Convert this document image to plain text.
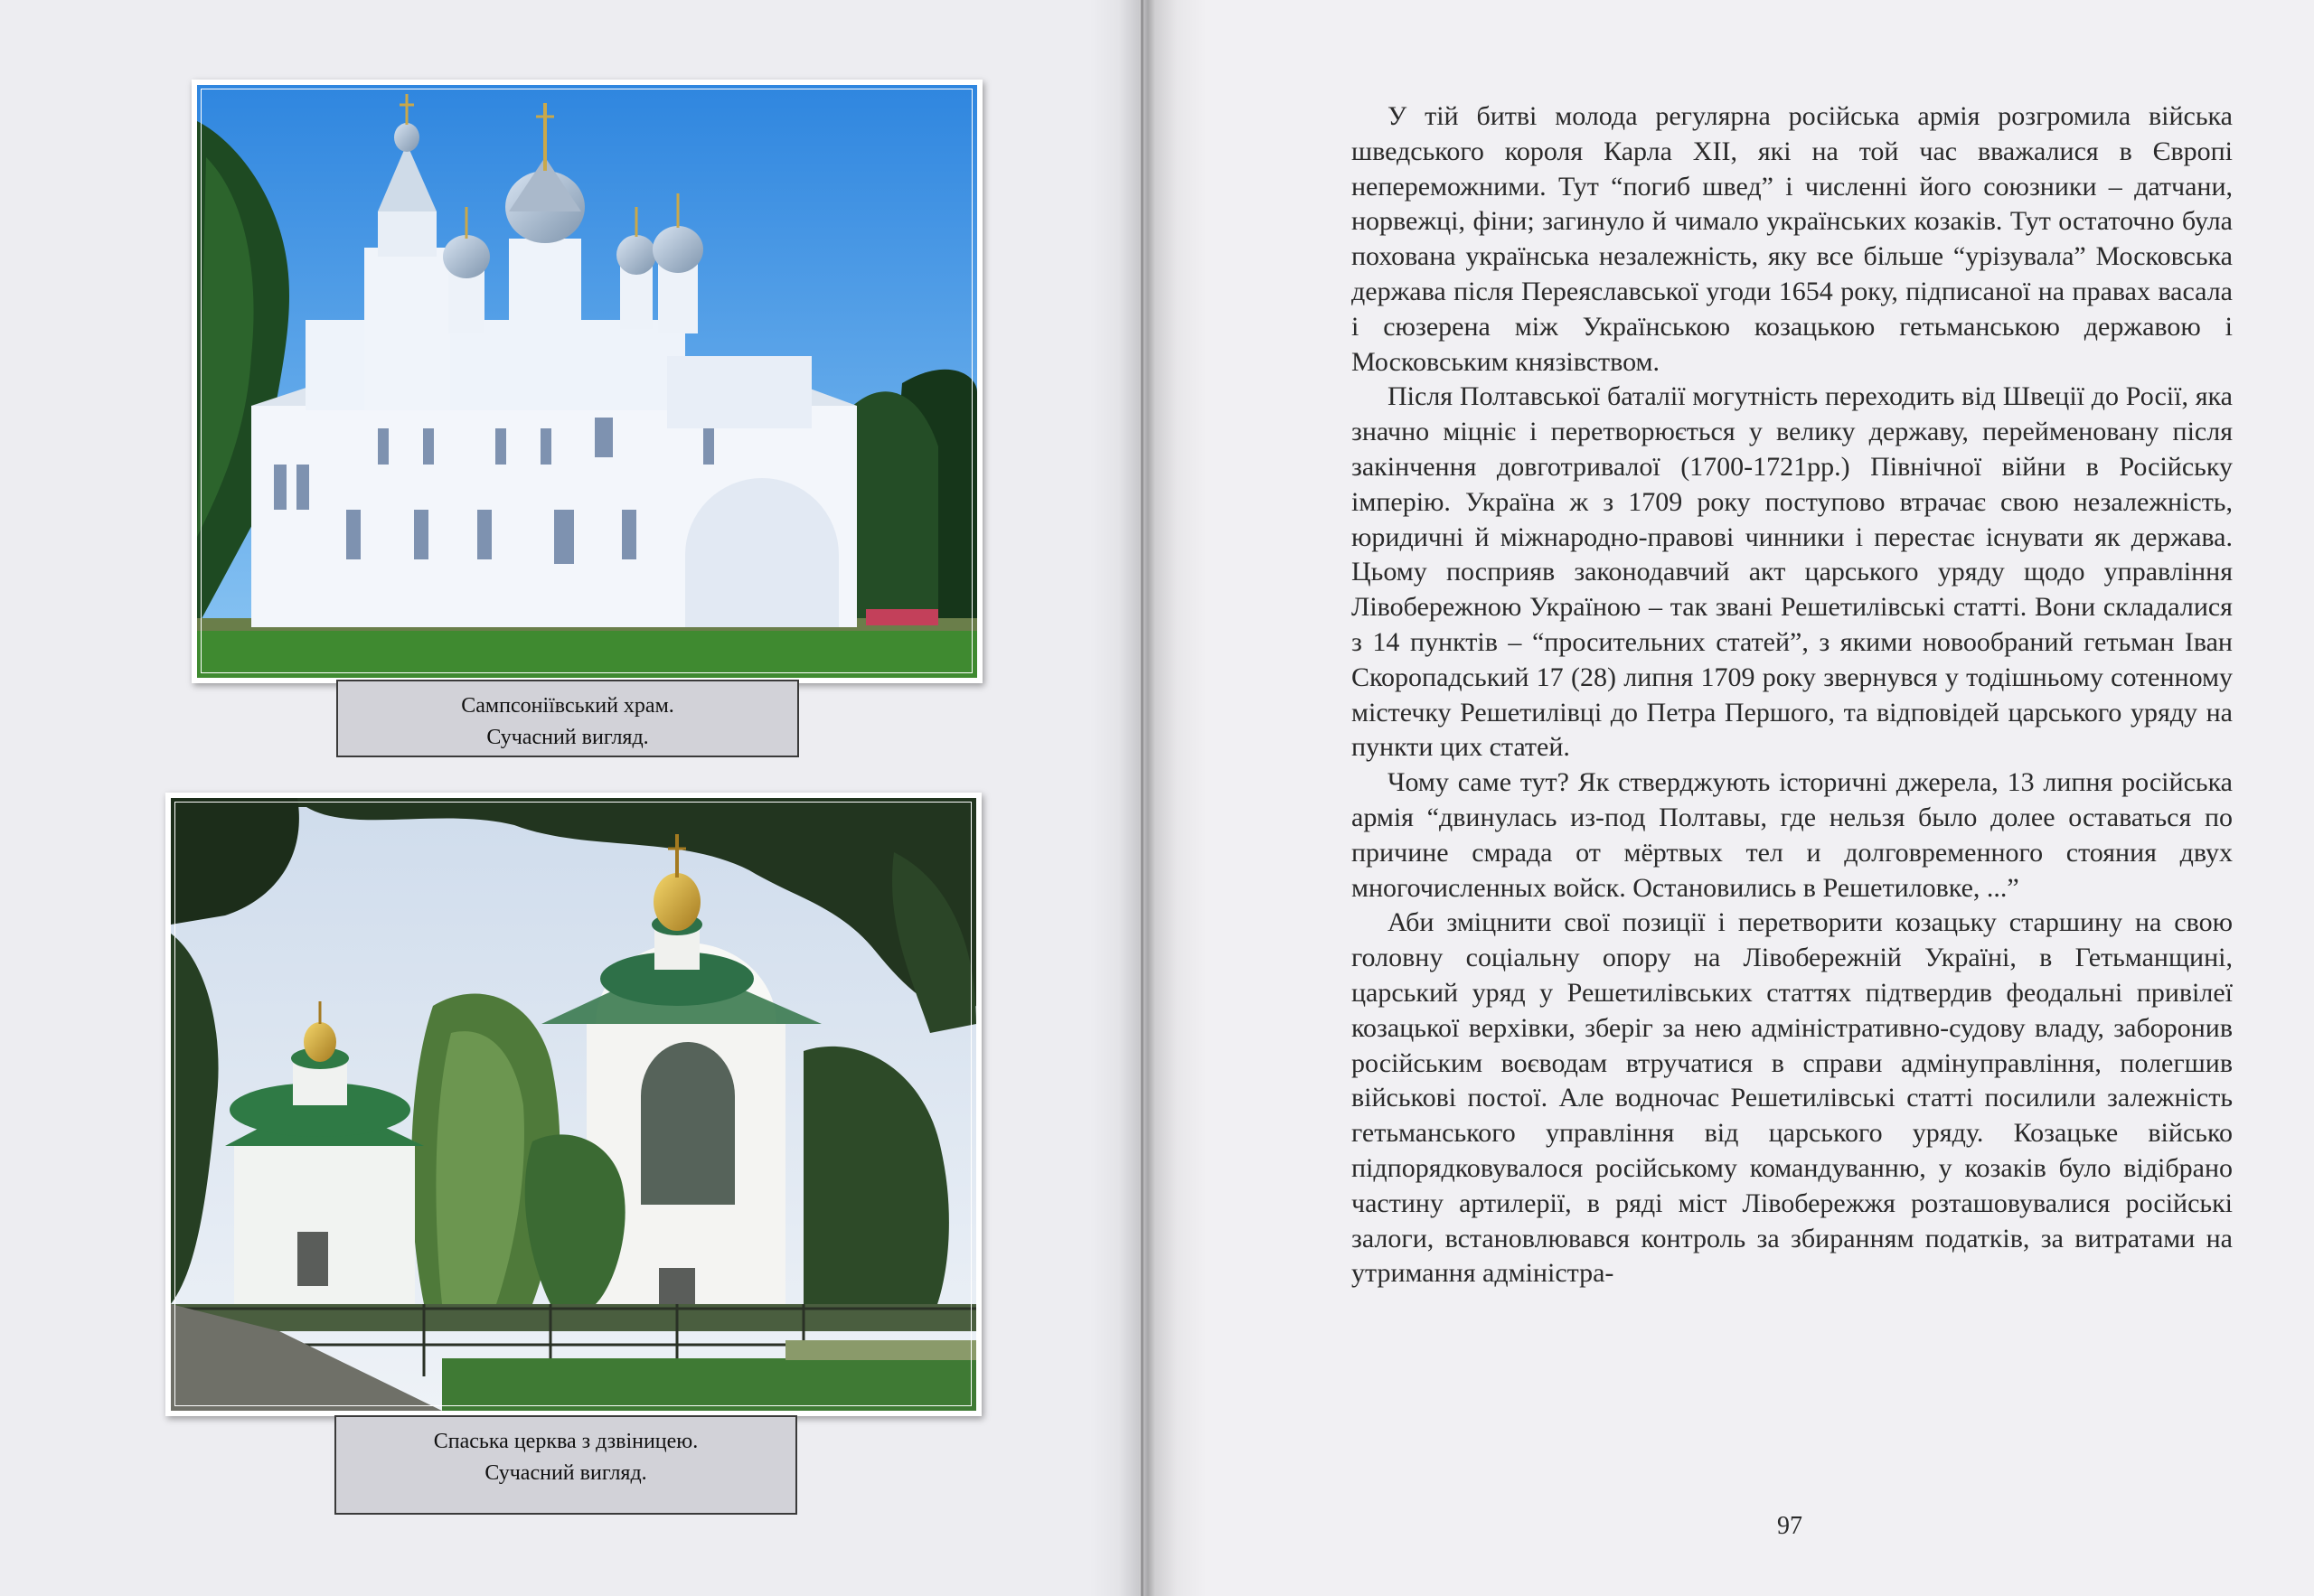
Сампсоніївський храм.
Сучасний вигляд.
Спаська церква з дзвіницею.
Сучасний вигляд.

У тій битві молода регулярна російська армія розгромила війська шведського короля Карла XII, які на той час вважалися в Європі непереможними. Тут “погиб швед” і численні його союзники – датчани, норвежці, фіни; загинуло й чимало українських козаків. Тут остаточно була похована українська незалежність, яку все більше “урізувала” Московська держава після Переяславської угоди 1654 року, підписаної на правах васала і сюзерена між Українською козацькою гетьманською державою і Московським князівством.

Після Полтавської баталії могутність переходить від Швеції до Росії, яка значно міцніє і перетворюється у велику державу, перейменовану після закінчення довготривалої (1700-1721рр.) Північної війни в Російську імперію. Україна ж з 1709 року поступово втрачає свою незалежність, юридичні й міжнародно-правові чинники і перестає існувати як держава. Цьому посприяв законодавчий акт царського уряду щодо управління Лівобережною Україною – так звані Решетилівські статті. Вони складалися з 14 пунктів – “просительних статей”, з якими новообраний гетьман Іван Скоропадський 17 (28) липня 1709 року звернувся у тодішньому сотенному містечку Решетилівці до Петра Першого, та відповідей царського уряду на пункти цих статей.

Чому саме тут? Як стверджують історичні джерела, 13 липня російська армія “двинулась из-под Полтавы, где нельзя было долее оставаться по причине смрада от мёртвых тел и долговременного стояния двух многочисленных войск. Остановились в Решетиловке, ...”

Аби зміцнити свої позиції і перетворити козацьку старшину на свою головну соціальну опору на Лівобережній Україні, в Гетьманщині, царський уряд у Решетилівських статтях підтвердив феодальні привілеї козацької верхівки, зберіг за нею адміністративно-судову владу, заборонив російським воєводам втручатися в справи адмінуправління, полегшив військові постої. Але водночас Решетилівські статті посилили залежність гетьманського управління від царського уряду. Козацьке військо підпорядковувалося російському командуванню, у козаків було відібрано частину артилерії, в ряді міст Лівобережжя розташовувалися російські залоги, встановлювався контроль за збиранням податків, за витратами на утримання адміністра-

97
